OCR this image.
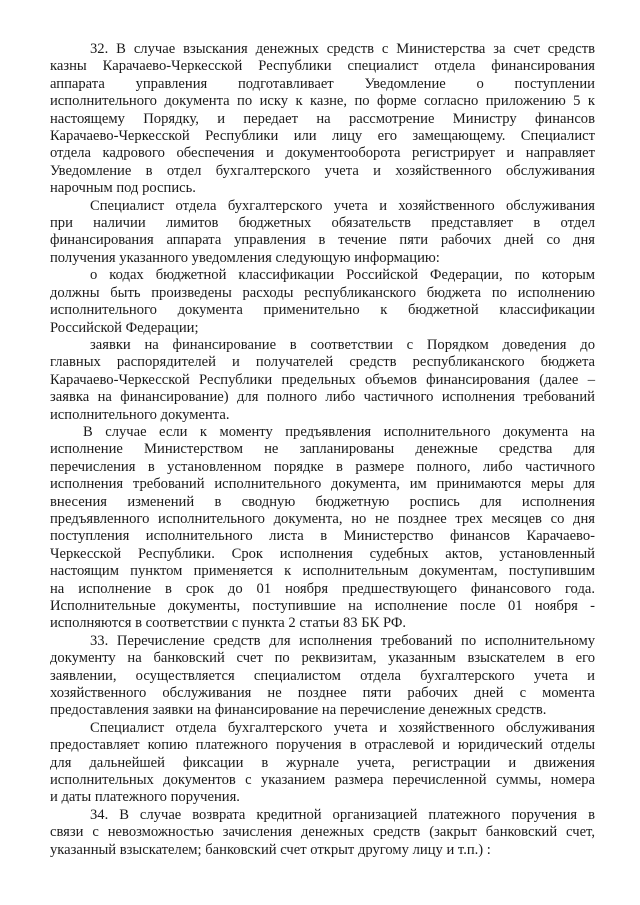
32. В случае взыскания денежных средств с Министерства за счет средств
казны Карачаево-Черкесской Республики специалист отдела финансирования
аппарата управления подготавливает Уведомление о поступлении
исполнительного документа по иску к казне, по форме согласно приложению 5 к
настоящему Порядку, и передает на рассмотрение Министру финансов
Карачаево-Черкесской Республики или лицу его замещающему. Специалист
отдела кадрового обеспечения и документооборота регистрирует и направляет
Уведомление в отдел бухгалтерского учета и хозяйственного обслуживания
нарочным под роспись.
Специалист отдела бухгалтерского учета и хозяйственного обслуживания
при наличии лимитов бюджетных обязательств представляет в отдел
финансирования аппарата управления в течение пяти рабочих дней со дня
получения указанного уведомления следующую информацию:
о кодах бюджетной классификации Российской Федерации, по которым
должны быть произведены расходы республиканского бюджета по исполнению
исполнительного документа применительно к бюджетной классификации
Российской Федерации;
заявки на финансирование в соответствии с Порядком доведения до
главных распорядителей и получателей средств республиканского бюджета
Карачаево-Черкесской Республики предельных объемов финансирования (далее –
заявка на финансирование) для полного либо частичного исполнения требований
исполнительного документа.
В случае если к моменту предъявления исполнительного документа на
исполнение Министерством не запланированы денежные средства для
перечисления в установленном порядке в размере полного, либо частичного
исполнения требований исполнительного документа, им принимаются меры для
внесения изменений в сводную бюджетную роспись для исполнения
предъявленного исполнительного документа, но не позднее трех месяцев со дня
поступления исполнительного листа в Министерство финансов Карачаево-
Черкесской Республики. Срок исполнения судебных актов, установленный
настоящим пунктом применяется к исполнительным документам, поступившим
на исполнение в срок до 01 ноября предшествующего финансового года.
Исполнительные документы, поступившие на исполнение после 01 ноября -
исполняются в соответствии с пункта 2 статьи 83 БК РФ.
33. Перечисление средств для исполнения требований по исполнительному
документу на банковский счет по реквизитам, указанным взыскателем в его
заявлении, осуществляется специалистом отдела бухгалтерского учета и
хозяйственного обслуживания не позднее пяти рабочих дней с момента
предоставления заявки на финансирование на перечисление денежных средств.
Специалист отдела бухгалтерского учета и хозяйственного обслуживания
предоставляет копию платежного поручения в отраслевой и юридический отделы
для дальнейшей фиксации в журнале учета, регистрации и движения
исполнительных документов с указанием размера перечисленной суммы, номера
и даты платежного поручения.
34. В случае возврата кредитной организацией платежного поручения в
связи с невозможностью зачисления денежных средств (закрыт банковский счет,
указанный взыскателем; банковский счет открыт другому лицу и т.п.) :
